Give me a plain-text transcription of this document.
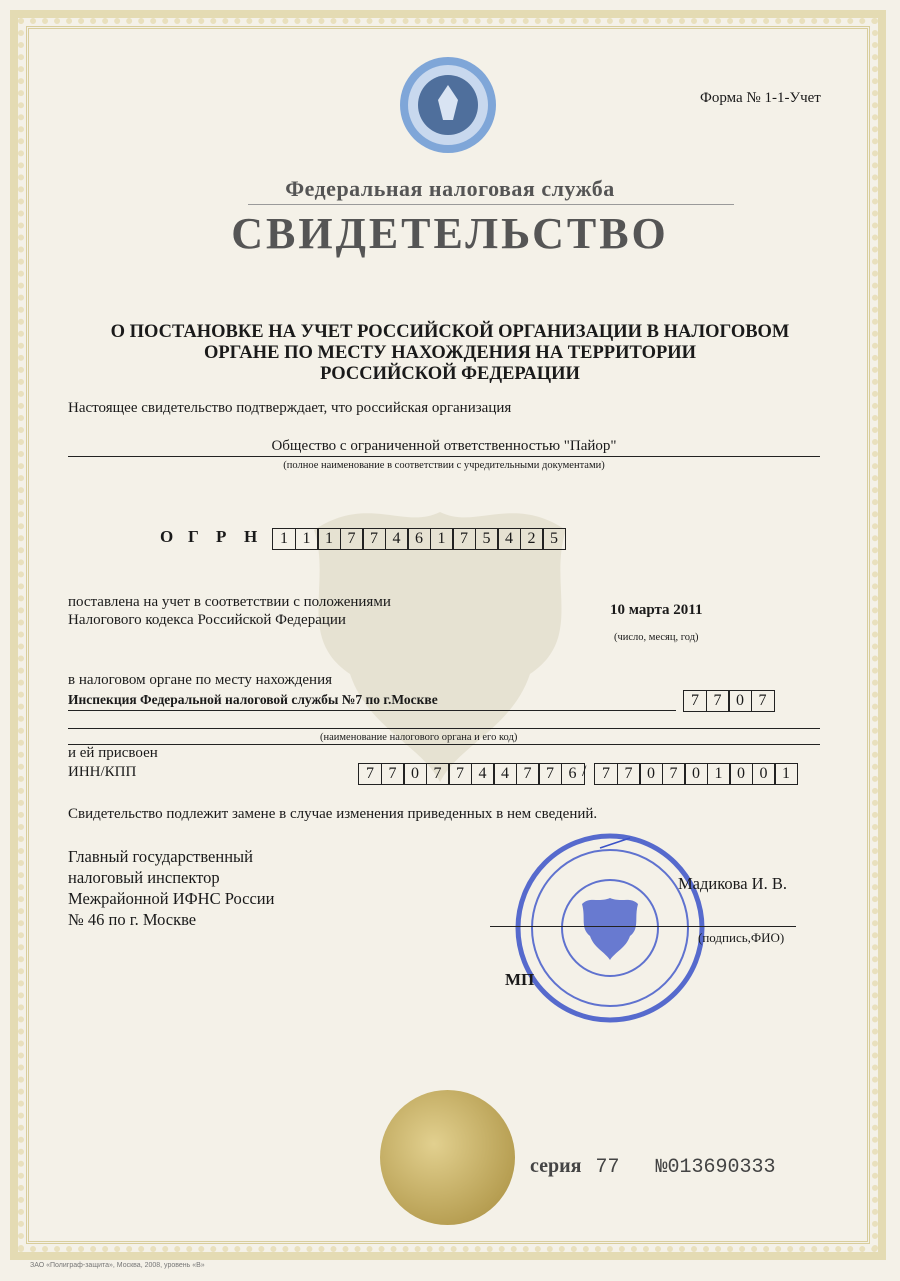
Форма № 1-1-Учет
Федеральная налоговая служба
СВИДЕТЕЛЬСТВО
О ПОСТАНОВКЕ НА УЧЕТ РОССИЙСКОЙ ОРГАНИЗАЦИИ В НАЛОГОВОМ
ОРГАНЕ ПО МЕСТУ НАХОЖДЕНИЯ НА ТЕРРИТОРИИ
РОССИЙСКОЙ ФЕДЕРАЦИИ
Настоящее свидетельство подтверждает, что российская организация
Общество с ограниченной ответственностью "Пайор"
(полное наименование в соответствии с учредительными документами)
О Г Р Н	1 1 1 7 7 4 6 1 7 5 4 2 5
поставлена на учет в соответствии с положениями
Налогового кодекса Российской Федерации
10 марта 2011
(число, месяц, год)
в налоговом органе по месту нахождения
Инспекция Федеральной налоговой службы №7 по г.Москве	7 7 0 7
(наименование налогового органа и его код)
и ей присвоен
ИНН/КПП	7 7 0 7 7 4 4 7 7 6 / 7 7 0 7 0 1 0 0 1
Свидетельство подлежит замене в случае изменения приведенных в нем сведений.
Главный государственный
налоговый инспектор
Межрайонной ИФНС России
№ 46 по г. Москве
Мадикова И. В.
(подпись,ФИО)
МП
серия 77 №013690333
ЗАО «Полиграф-защита», Москва, 2008, уровень «В»
